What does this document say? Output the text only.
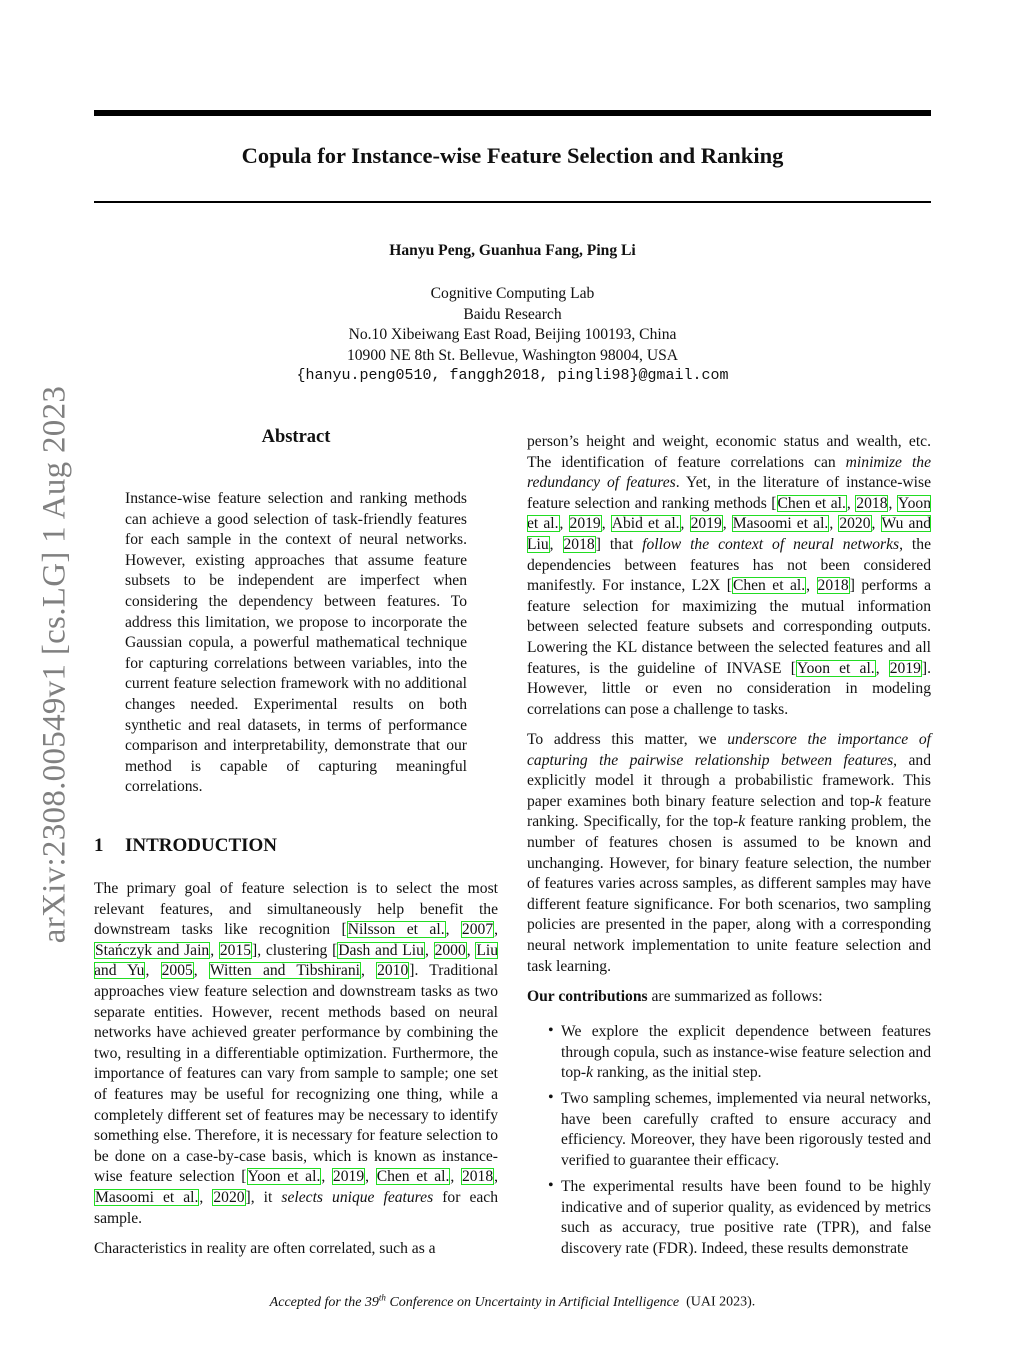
Copula for Instance-wise Feature Selection and Ranking
arXiv:2308.00549v1 [cs.LG] 1 Aug 2023
Hanyu Peng, Guanhua Fang, Ping Li
Cognitive Computing Lab
Baidu Research
No.10 Xibeiwang East Road, Beijing 100193, China
10900 NE 8th St. Bellevue, Washington 98004, USA
{hanyu.peng0510, fanggh2018, pingli98}@gmail.com
Abstract

Instance-wise feature selection and ranking methods can achieve a good selection of task-friendly features for each sample in the context of neural networks. However, existing approaches that assume feature subsets to be independent are imperfect when considering the dependency between features. To address this limitation, we propose to incorporate the Gaussian copula, a powerful mathematical technique for capturing correlations between variables, into the current feature selection framework with no additional changes needed. Experimental results on both synthetic and real datasets, in terms of performance comparison and interpretability, demonstrate that our method is capable of capturing meaningful correlations.

1 INTRODUCTION

The primary goal of feature selection is to select the most relevant features, and simultaneously help benefit the downstream tasks like recognition [Nilsson et al., 2007, Stańczyk and Jain, 2015], clustering [Dash and Liu, 2000, Liu and Yu, 2005, Witten and Tibshirani, 2010]. Traditional approaches view feature selection and downstream tasks as two separate entities. However, recent methods based on neural networks have achieved greater performance by combining the two, resulting in a differentiable optimization. Furthermore, the importance of features can vary from sample to sample; one set of features may be useful for recognizing one thing, while a completely different set of features may be necessary to identify something else. Therefore, it is necessary for feature selection to be done on a case-by-case basis, which is known as instance-wise feature selection [Yoon et al., 2019, Chen et al., 2018, Masoomi et al., 2020], it selects unique features for each sample.

Characteristics in reality are often correlated, such as a

person’s height and weight, economic status and wealth, etc. The identification of feature correlations can minimize the redundancy of features. Yet, in the literature of instance-wise feature selection and ranking methods [Chen et al., 2018, Yoon et al., 2019, Abid et al., 2019, Masoomi et al., 2020, Wu and Liu, 2018] that follow the context of neural networks, the dependencies between features has not been considered manifestly. For instance, L2X [Chen et al., 2018] performs a feature selection for maximizing the mutual information between selected feature subsets and corresponding outputs. Lowering the KL distance between the selected features and all features, is the guideline of INVASE [Yoon et al., 2019]. However, little or even no consideration in modeling correlations can pose a challenge to tasks.

To address this matter, we underscore the importance of capturing the pairwise relationship between features, and explicitly model it through a probabilistic framework. This paper examines both binary feature selection and top-k feature ranking. Specifically, for the top-k feature ranking problem, the number of features chosen is assumed to be known and unchanging. However, for binary feature selection, the number of features varies across samples, as different samples may have different feature significance. For both scenarios, two sampling policies are presented in the paper, along with a corresponding neural network implementation to unite feature selection and task learning.

Our contributions are summarized as follows:

• We explore the explicit dependence between features through copula, such as instance-wise feature selection and top-k ranking, as the initial step.

• Two sampling schemes, implemented via neural networks, have been carefully crafted to ensure accuracy and efficiency. Moreover, they have been rigorously tested and verified to guarantee their efficacy.

• The experimental results have been found to be highly indicative and of superior quality, as evidenced by metrics such as accuracy, true positive rate (TPR), and false discovery rate (FDR). Indeed, these results demonstrate

Accepted for the 39th Conference on Uncertainty in Artificial Intelligence (UAI 2023).
